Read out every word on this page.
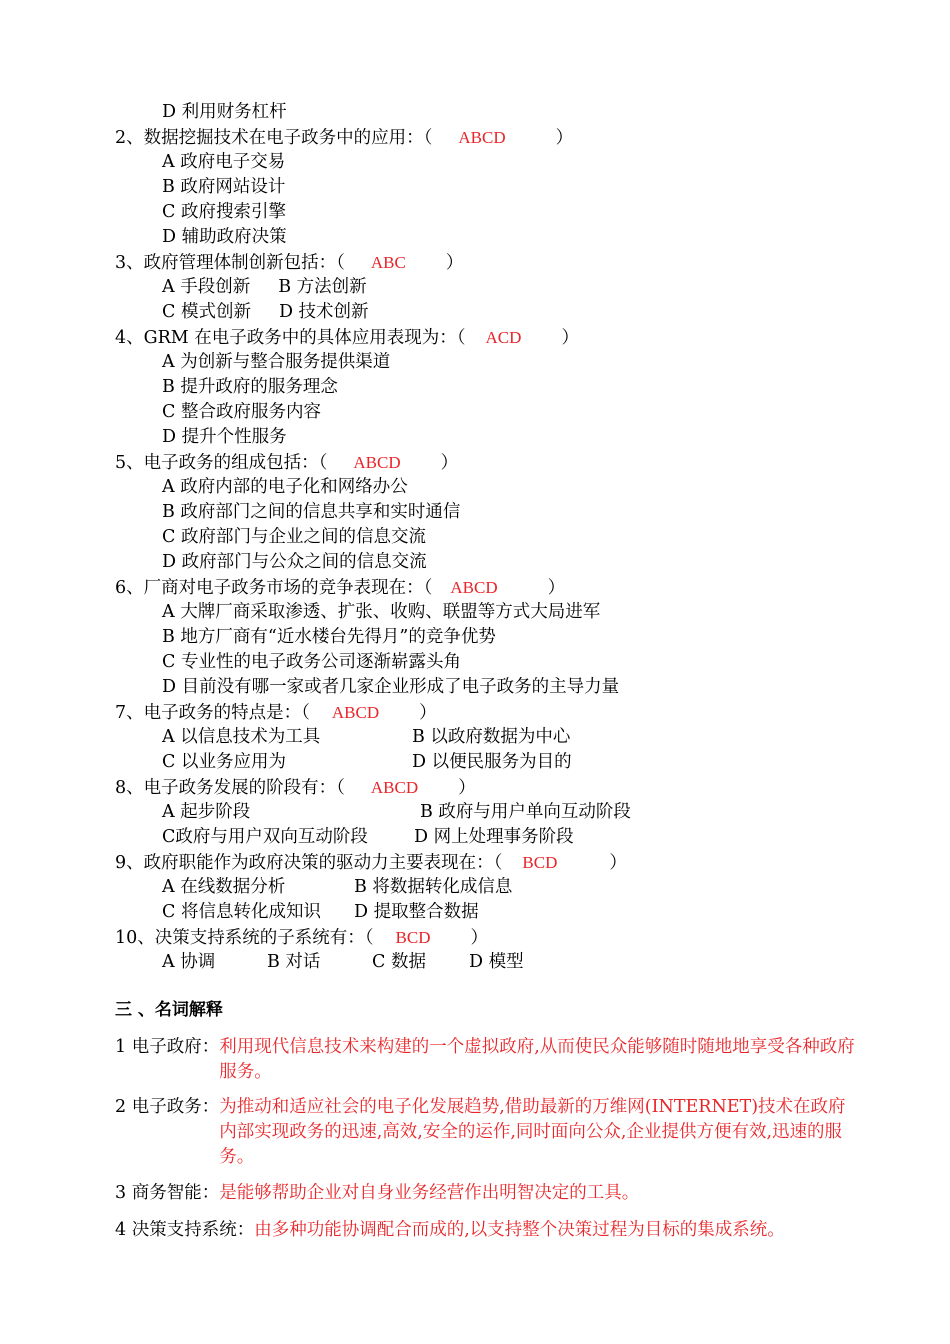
D 利用财务杠杆
2、数据挖掘技术在电子政务中的应用：（ ABCD	）
A 政府电子交易
B 政府网站设计
C 政府搜索引擎
D 辅助政府决策
3、政府管理体制创新包括：（ ABC ）
A 手段创新 B 方法创新
C 模式创新 D 技术创新
4、GRM 在电子政务中的具体应用表现为：（ ACD ）
A 为创新与整合服务提供渠道
B 提升政府的服务理念
C 整合政府服务内容
D 提升个性服务
5、电子政务的组成包括：（ ABCD ）
A 政府内部的电子化和网络办公
B 政府部门之间的信息共享和实时通信
C 政府部门与企业之间的信息交流
D 政府部门与公众之间的信息交流
6、厂商对电子政务市场的竞争表现在：（ ABCD	）
A 大牌厂商采取渗透、扩张、收购、联盟等方式大局进军
B 地方厂商有“近水楼台先得月”的竞争优势
C 专业性的电子政务公司逐渐崭露头角
D 目前没有哪一家或者几家企业形成了电子政务的主导力量
7、电子政务的特点是：（ ABCD ）
A 以信息技术为工具	B 以政府数据为中心
C 以业务应用为	D 以便民服务为目的
8、电子政务发展的阶段有：（ ABCD ）
A 起步阶段	B 政府与用户单向互动阶段
C政府与用户双向互动阶段	D 网上处理事务阶段
9、政府职能作为政府决策的驱动力主要表现在：（ BCD	）
A 在线数据分析	B 将数据转化成信息
C 将信息转化成知识 D 提取整合数据
10、决策支持系统的子系统有：（ BCD ）
A 协调	B 对话	C 数据 D 模型
三 、名词解释
1 电子政府： 利用现代信息技术来构建的一个虚拟政府,从而使民众能够随时随地地享受各种政府服务。
2 电子政务： 为推动和适应社会的电子化发展趋势,借助最新的万维网(INTERNET)技术在政府内部实现政务的迅速,高效,安全的运作,同时面向公众,企业提供方便有效,迅速的服务。
3 商务智能： 是能够帮助企业对自身业务经营作出明智决定的工具。
4 决策支持系统： 由多种功能协调配合而成的,以支持整个决策过程为目标的集成系统。
